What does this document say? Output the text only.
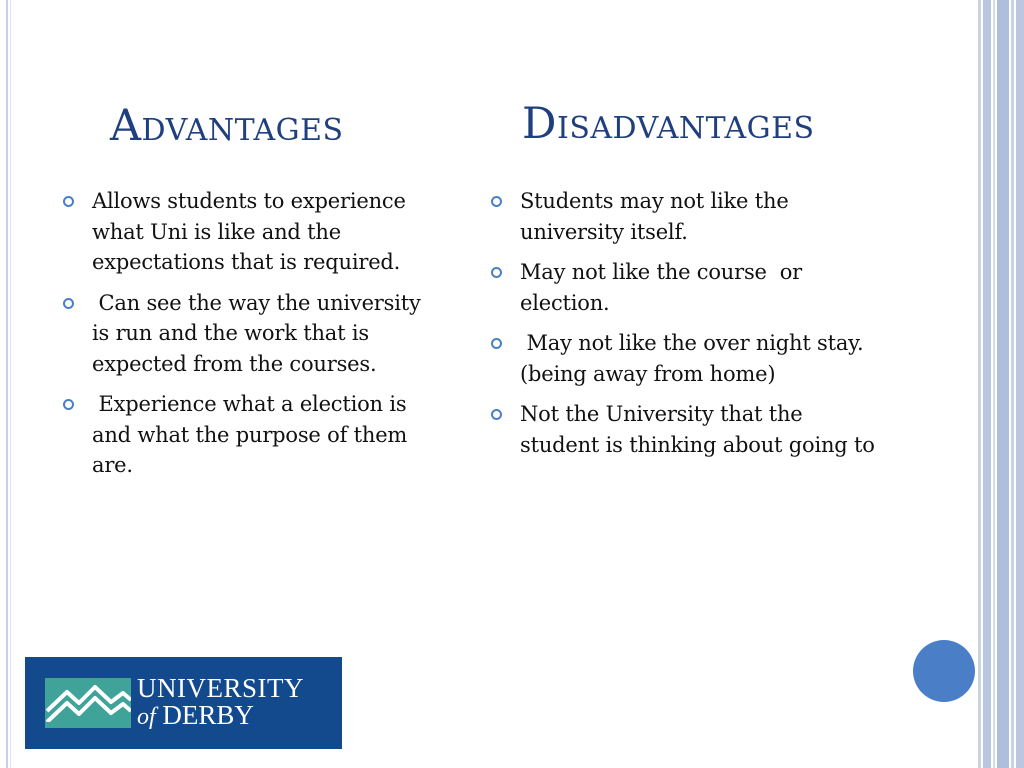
Advantages	Disadvantages
Allows students to experience what Uni is like and the expectations that is required.
Can see the way the university is run and the work that is expected from the courses.
Experience what a election is and what the purpose of them are.
Students may not like the university itself.
May not like the course  or election.
May not like the over night stay. (being away from home)
Not the University that the student is thinking about going to
UNIVERSITY
of DERBY
